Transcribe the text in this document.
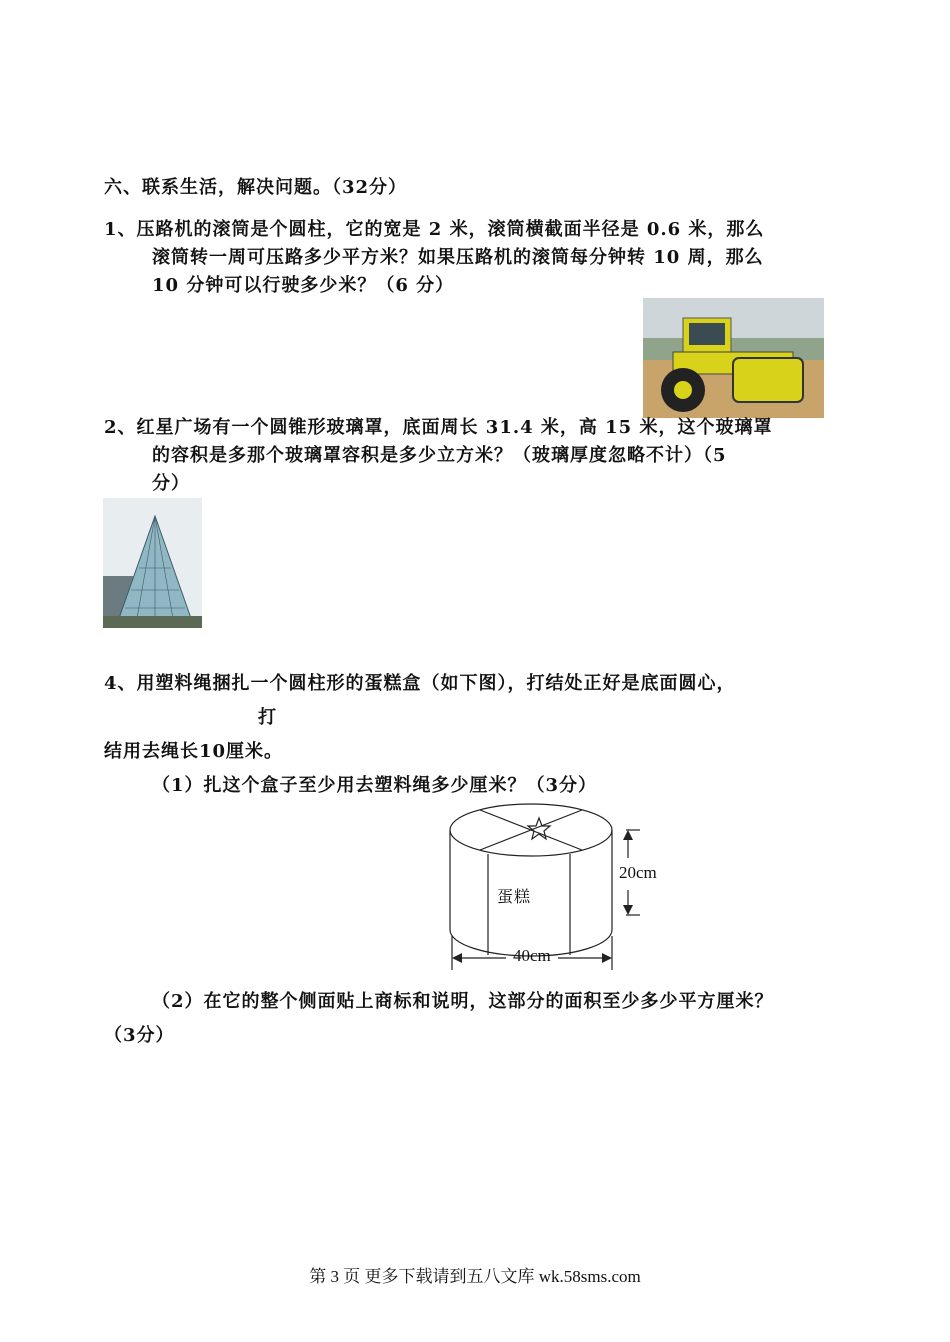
六、联系生活，解决问题。（32分）
1、压路机的滚筒是个圆柱，它的宽是 2 米，滚筒横截面半径是 0.6 米，那么
滚筒转一周可压路多少平方米？如果压路机的滚筒每分钟转 10 周，那么
10 分钟可以行驶多少米？（6 分）
2、红星广场有一个圆锥形玻璃罩，底面周长 31.4 米，高 15 米，这个玻璃罩
的容积是多那个玻璃罩容积是多少立方米？（玻璃厚度忽略不计）（5
分）
4、用塑料绳捆扎一个圆柱形的蛋糕盒（如下图），打结处正好是底面圆心，
打
结用去绳长10厘米。
（1）扎这个盒子至少用去塑料绳多少厘米？（3分）
蛋糕
20cm
40cm
（2）在它的整个侧面贴上商标和说明，这部分的面积至少多少平方厘米？
（3分）
第 3 页 更多下载请到五八文库 wk.58sms.com
